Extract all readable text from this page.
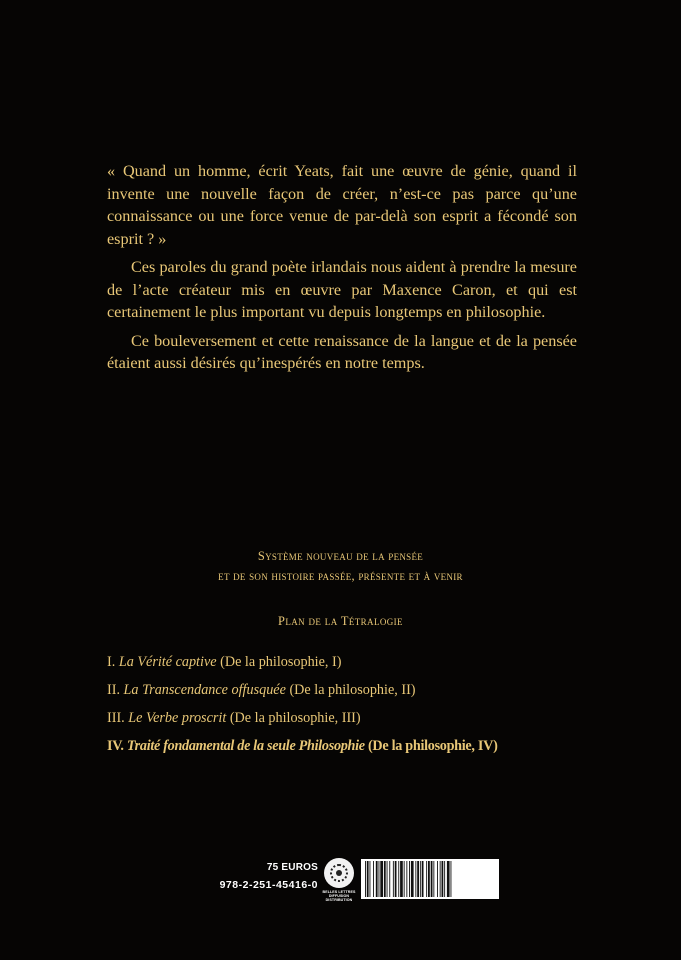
« Quand un homme, écrit Yeats, fait une œuvre de génie, quand il invente une nouvelle façon de créer, n’est-ce pas parce qu’une connaissance ou une force venue de par-delà son esprit a fécondé son esprit ? »

Ces paroles du grand poète irlandais nous aident à prendre la mesure de l’acte créateur mis en œuvre par Maxence Caron, et qui est certainement le plus important vu depuis longtemps en philosophie.

Ce bouleversement et cette renaissance de la langue et de la pensée étaient aussi désirés qu’inespérés en notre temps.

Système nouveau de la pensée
et de son histoire passée, présente et à venir
Plan de la Tétralogie
I. La Vérité captive (De la philosophie, I)
II. La Transcendance offusquée (De la philosophie, II)
III. Le Verbe proscrit (De la philosophie, III)
IV. Traité fondamental de la seule Philosophie (De la philosophie, IV)
75 EUROS
978-2-251-45416-0
BELLES LETTRES DIFFUSION DISTRIBUTION
